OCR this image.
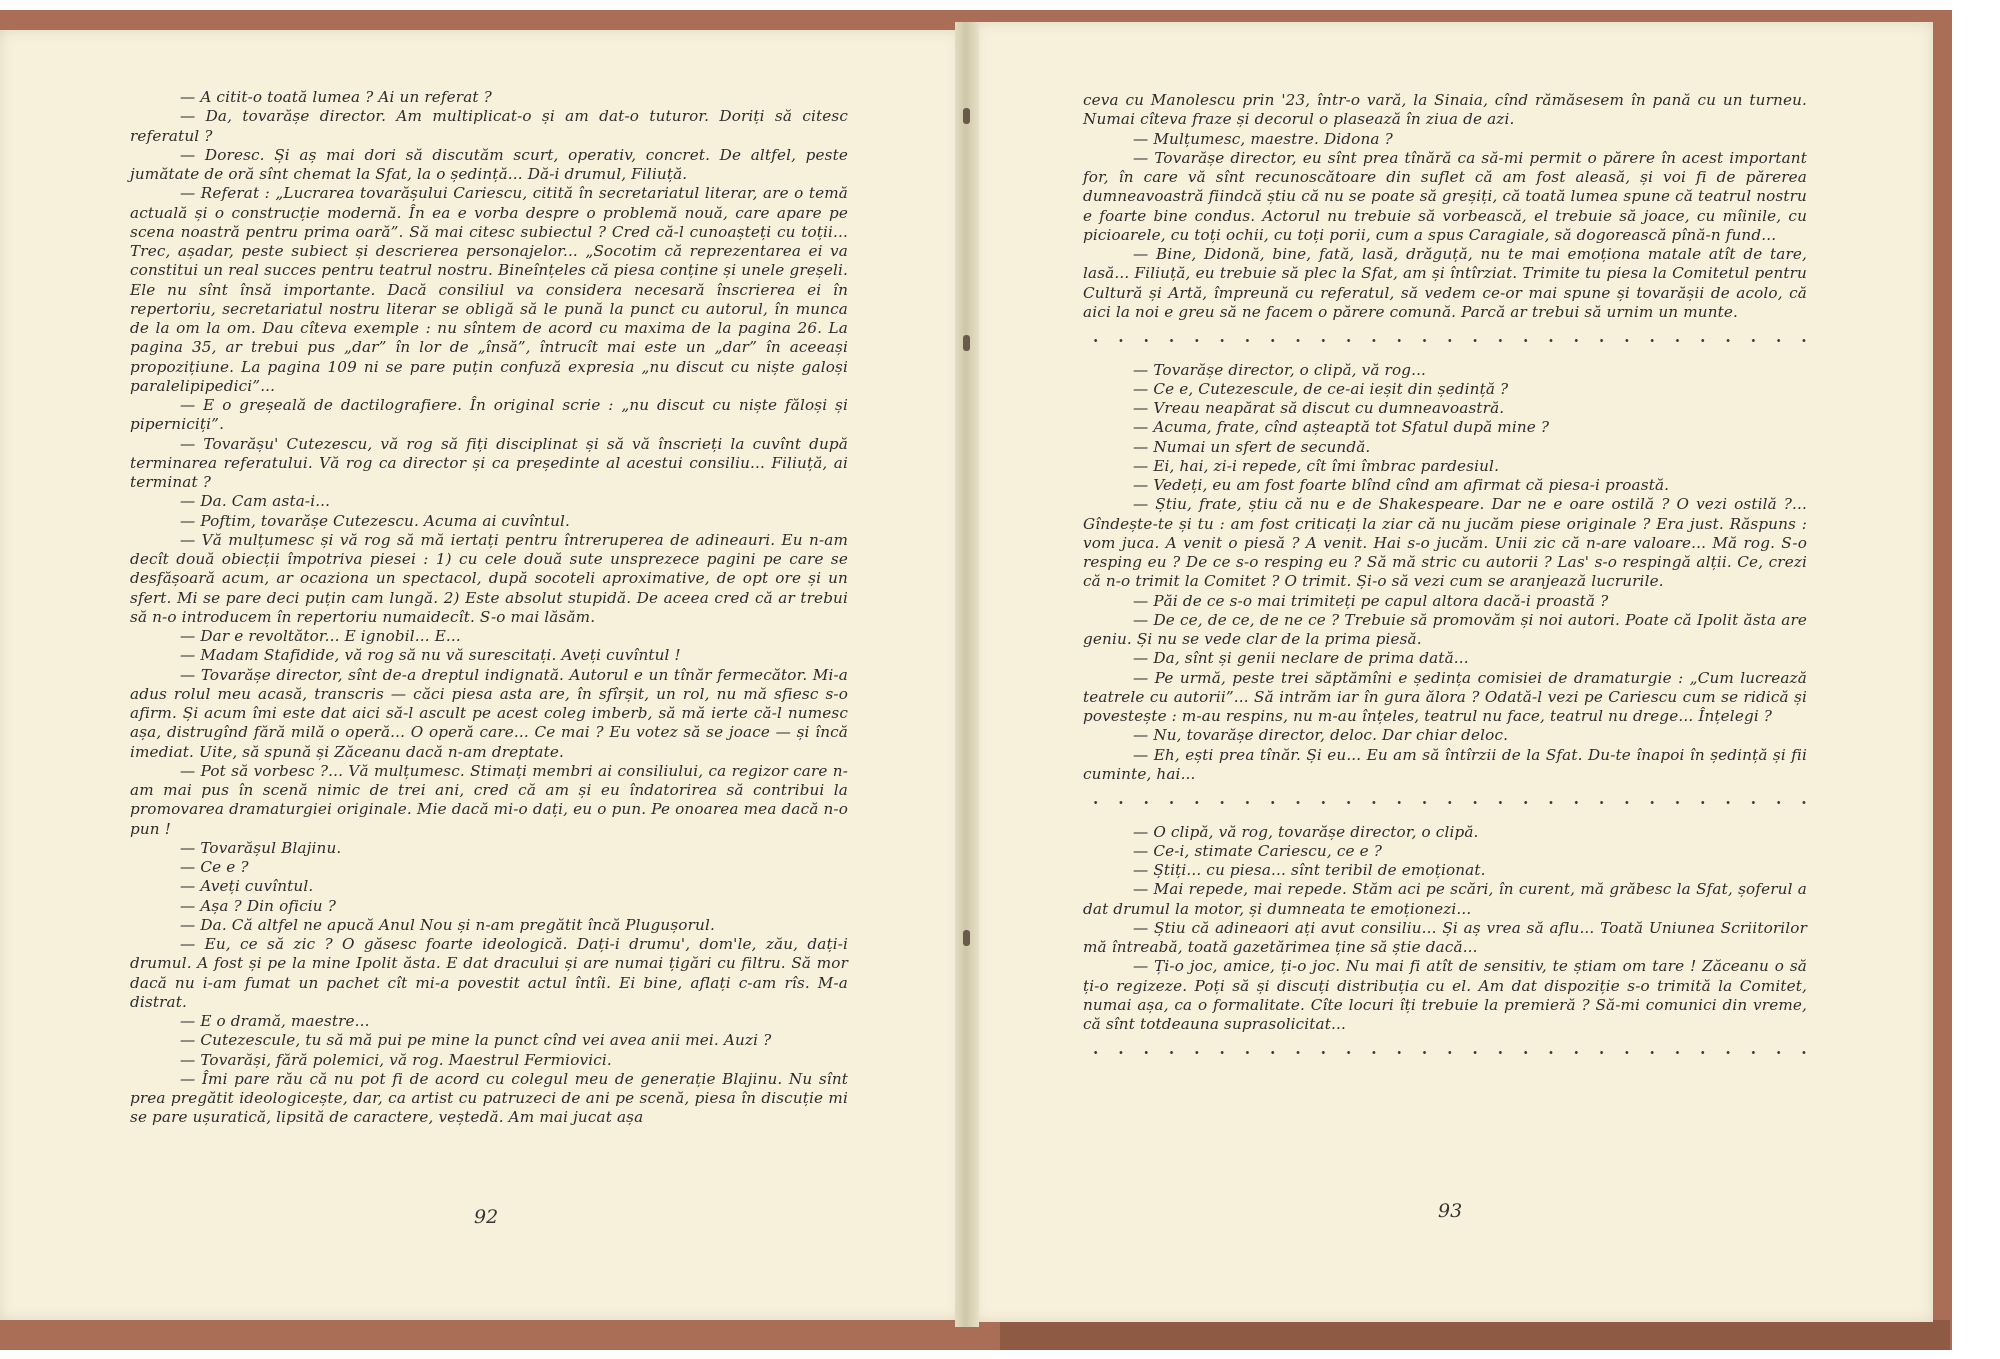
— A citit-o toată lumea ? Ai un referat ?

— Da, tovarășe director. Am multiplicat-o și am dat-o tuturor. Doriți să citesc referatul ?

— Doresc. Și aș mai dori să discutăm scurt, operativ, concret. De altfel, peste jumătate de oră sînt chemat la Sfat, la o ședință... Dă-i drumul, Filiuță.

— Referat : „Lucrarea tovarășului Cariescu, citită în secretariatul literar, are o temă actuală și o construcție modernă. În ea e vorba despre o problemă nouă, care apare pe scena noastră pentru prima oară”. Să mai citesc subiectul ? Cred că-l cunoașteți cu toții... Trec, așadar, peste subiect și descrierea personajelor... „Socotim că reprezentarea ei va constitui un real succes pentru teatrul nostru. Bineînțeles că piesa conține și unele greșeli. Ele nu sînt însă importante. Dacă consiliul va considera necesară înscrierea ei în repertoriu, secretariatul nostru literar se obligă să le pună la punct cu autorul, în munca de la om la om. Dau cîteva exemple : nu sîntem de acord cu maxima de la pagina 26. La pagina 35, ar trebui pus „dar” în lor de „însă”, întrucît mai este un „dar” în aceeași propozițiune. La pagina 109 ni se pare puțin confuză expresia „nu discut cu niște galoși paralelipipedici”...

— E o greșeală de dactilografiere. În original scrie : „nu discut cu niște făloși și piperniciți”.

— Tovarășu' Cutezescu, vă rog să fiți disciplinat și să vă înscrieți la cuvînt după terminarea referatului. Vă rog ca director și ca președinte al acestui consiliu... Filiuță, ai terminat ?

— Da. Cam asta-i...

— Poftim, tovarășe Cutezescu. Acuma ai cuvîntul.

— Vă mulțumesc și vă rog să mă iertați pentru întreruperea de adineauri. Eu n-am decît două obiecții împotriva piesei : 1) cu cele două sute unsprezece pagini pe care se desfășoară acum, ar ocaziona un spectacol, după socoteli aproximative, de opt ore și un sfert. Mi se pare deci puțin cam lungă. 2) Este absolut stupidă. De aceea cred că ar trebui să n-o introducem în repertoriu numaidecît. S-o mai lăsăm.

— Dar e revoltător... E ignobil... E...

— Madam Stafidide, vă rog să nu vă surescitați. Aveți cuvîntul !

— Tovarășe director, sînt de-a dreptul indignată. Autorul e un tînăr fermecător. Mi-a adus rolul meu acasă, transcris — căci piesa asta are, în sfîrșit, un rol, nu mă sfiesc s-o afirm. Și acum îmi este dat aici să-l ascult pe acest coleg imberb, să mă ierte că-l numesc așa, distrugînd fără milă o operă... O operă care... Ce mai ? Eu votez să se joace — și încă imediat. Uite, să spună și Zăceanu dacă n-am dreptate.

— Pot să vorbesc ?... Vă mulțumesc. Stimați membri ai consiliului, ca regizor care n-am mai pus în scenă nimic de trei ani, cred că am și eu îndatorirea să contribui la promovarea dramaturgiei originale. Mie dacă mi-o dați, eu o pun. Pe onoarea mea dacă n-o pun !

— Tovarășul Blajinu.

— Ce e ?

— Aveți cuvîntul.

— Așa ? Din oficiu ?

— Da. Că altfel ne apucă Anul Nou și n-am pregătit încă Plugușorul.

— Eu, ce să zic ? O găsesc foarte ideologică. Dați-i drumu', dom'le, zău, dați-i drumul. A fost și pe la mine Ipolit ăsta. E dat dracului și are numai țigări cu filtru. Să mor dacă nu i-am fumat un pachet cît mi-a povestit actul întîi. Ei bine, aflați c-am rîs. M-a distrat.

— E o dramă, maestre...

— Cutezescule, tu să mă pui pe mine la punct cînd vei avea anii mei. Auzi ?

— Tovarăși, fără polemici, vă rog. Maestrul Fermiovici.

— Îmi pare rău că nu pot fi de acord cu colegul meu de generație Blajinu. Nu sînt prea pregătit ideologicește, dar, ca artist cu patruzeci de ani pe scenă, piesa în discuție mi se pare ușuratică, lipsită de caractere, veștedă. Am mai jucat așa

92

ceva cu Manolescu prin '23, într-o vară, la Sinaia, cînd rămăsesem în pană cu un turneu. Numai cîteva fraze și decorul o plasează în ziua de azi.

— Mulțumesc, maestre. Didona ?

— Tovarășe director, eu sînt prea tînără ca să-mi permit o părere în acest important for, în care vă sînt recunoscătoare din suflet că am fost aleasă, și voi fi de părerea dumneavoastră fiindcă știu că nu se poate să greșiți, că toată lumea spune că teatrul nostru e foarte bine condus. Actorul nu trebuie să vorbească, el trebuie să joace, cu mîinile, cu picioarele, cu toți ochii, cu toți porii, cum a spus Caragiale, să dogorească pînă-n fund...

— Bine, Didonă, bine, fată, lasă, drăguță, nu te mai emoționa matale atît de tare, lasă... Filiuță, eu trebuie să plec la Sfat, am și întîrziat. Trimite tu piesa la Comitetul pentru Cultură și Artă, împreună cu referatul, să vedem ce-or mai spune și tovarășii de acolo, că aici la noi e greu să ne facem o părere comună. Parcă ar trebui să urnim un munte.

— Tovarășe director, o clipă, vă rog...

— Ce e, Cutezescule, de ce-ai ieșit din ședință ?

— Vreau neapărat să discut cu dumneavoastră.

— Acuma, frate, cînd așteaptă tot Sfatul după mine ?

— Numai un sfert de secundă.

— Ei, hai, zi-i repede, cît îmi îmbrac pardesiul.

— Vedeți, eu am fost foarte blînd cînd am afirmat că piesa-i proastă.

— Știu, frate, știu că nu e de Shakespeare. Dar ne e oare ostilă ? O vezi ostilă ?... Gîndește-te și tu : am fost criticați la ziar că nu jucăm piese originale ? Era just. Răspuns : vom juca. A venit o piesă ? A venit. Hai s-o jucăm. Unii zic că n-are valoare... Mă rog. S-o resping eu ? De ce s-o resping eu ? Să mă stric cu autorii ? Las' s-o respingă alții. Ce, crezi că n-o trimit la Comitet ? O trimit. Și-o să vezi cum se aranjează lucrurile.

— Păi de ce s-o mai trimiteți pe capul altora dacă-i proastă ?

— De ce, de ce, de ne ce ? Trebuie să promovăm și noi autori. Poate că Ipolit ăsta are geniu. Și nu se vede clar de la prima piesă.

— Da, sînt și genii neclare de prima dată...

— Pe urmă, peste trei săptămîni e ședința comisiei de dramaturgie : „Cum lucrează teatrele cu autorii”... Să intrăm iar în gura ălora ? Odată-l vezi pe Cariescu cum se ridică și povestește : m-au respins, nu m-au înțeles, teatrul nu face, teatrul nu drege... Înțelegi ?

— Nu, tovarășe director, deloc. Dar chiar deloc.

— Eh, ești prea tînăr. Și eu... Eu am să întîrzii de la Sfat. Du-te înapoi în ședință și fii cuminte, hai...

— O clipă, vă rog, tovarășe director, o clipă.

— Ce-i, stimate Cariescu, ce e ?

— Știți... cu piesa... sînt teribil de emoționat.

— Mai repede, mai repede. Stăm aci pe scări, în curent, mă grăbesc la Sfat, șoferul a dat drumul la motor, și dumneata te emoționezi...

— Știu că adineaori ați avut consiliu... Și aș vrea să aflu... Toată Uniunea Scriitorilor mă întreabă, toată gazetărimea ține să știe dacă...

— Ți-o joc, amice, ți-o joc. Nu mai fi atît de sensitiv, te știam om tare ! Zăceanu o să ți-o regizeze. Poți să și discuți distribuția cu el. Am dat dispoziție s-o trimită la Comitet, numai așa, ca o formalitate. Cîte locuri îți trebuie la premieră ? Să-mi comunici din vreme, că sînt totdeauna suprasolicitat...

93
